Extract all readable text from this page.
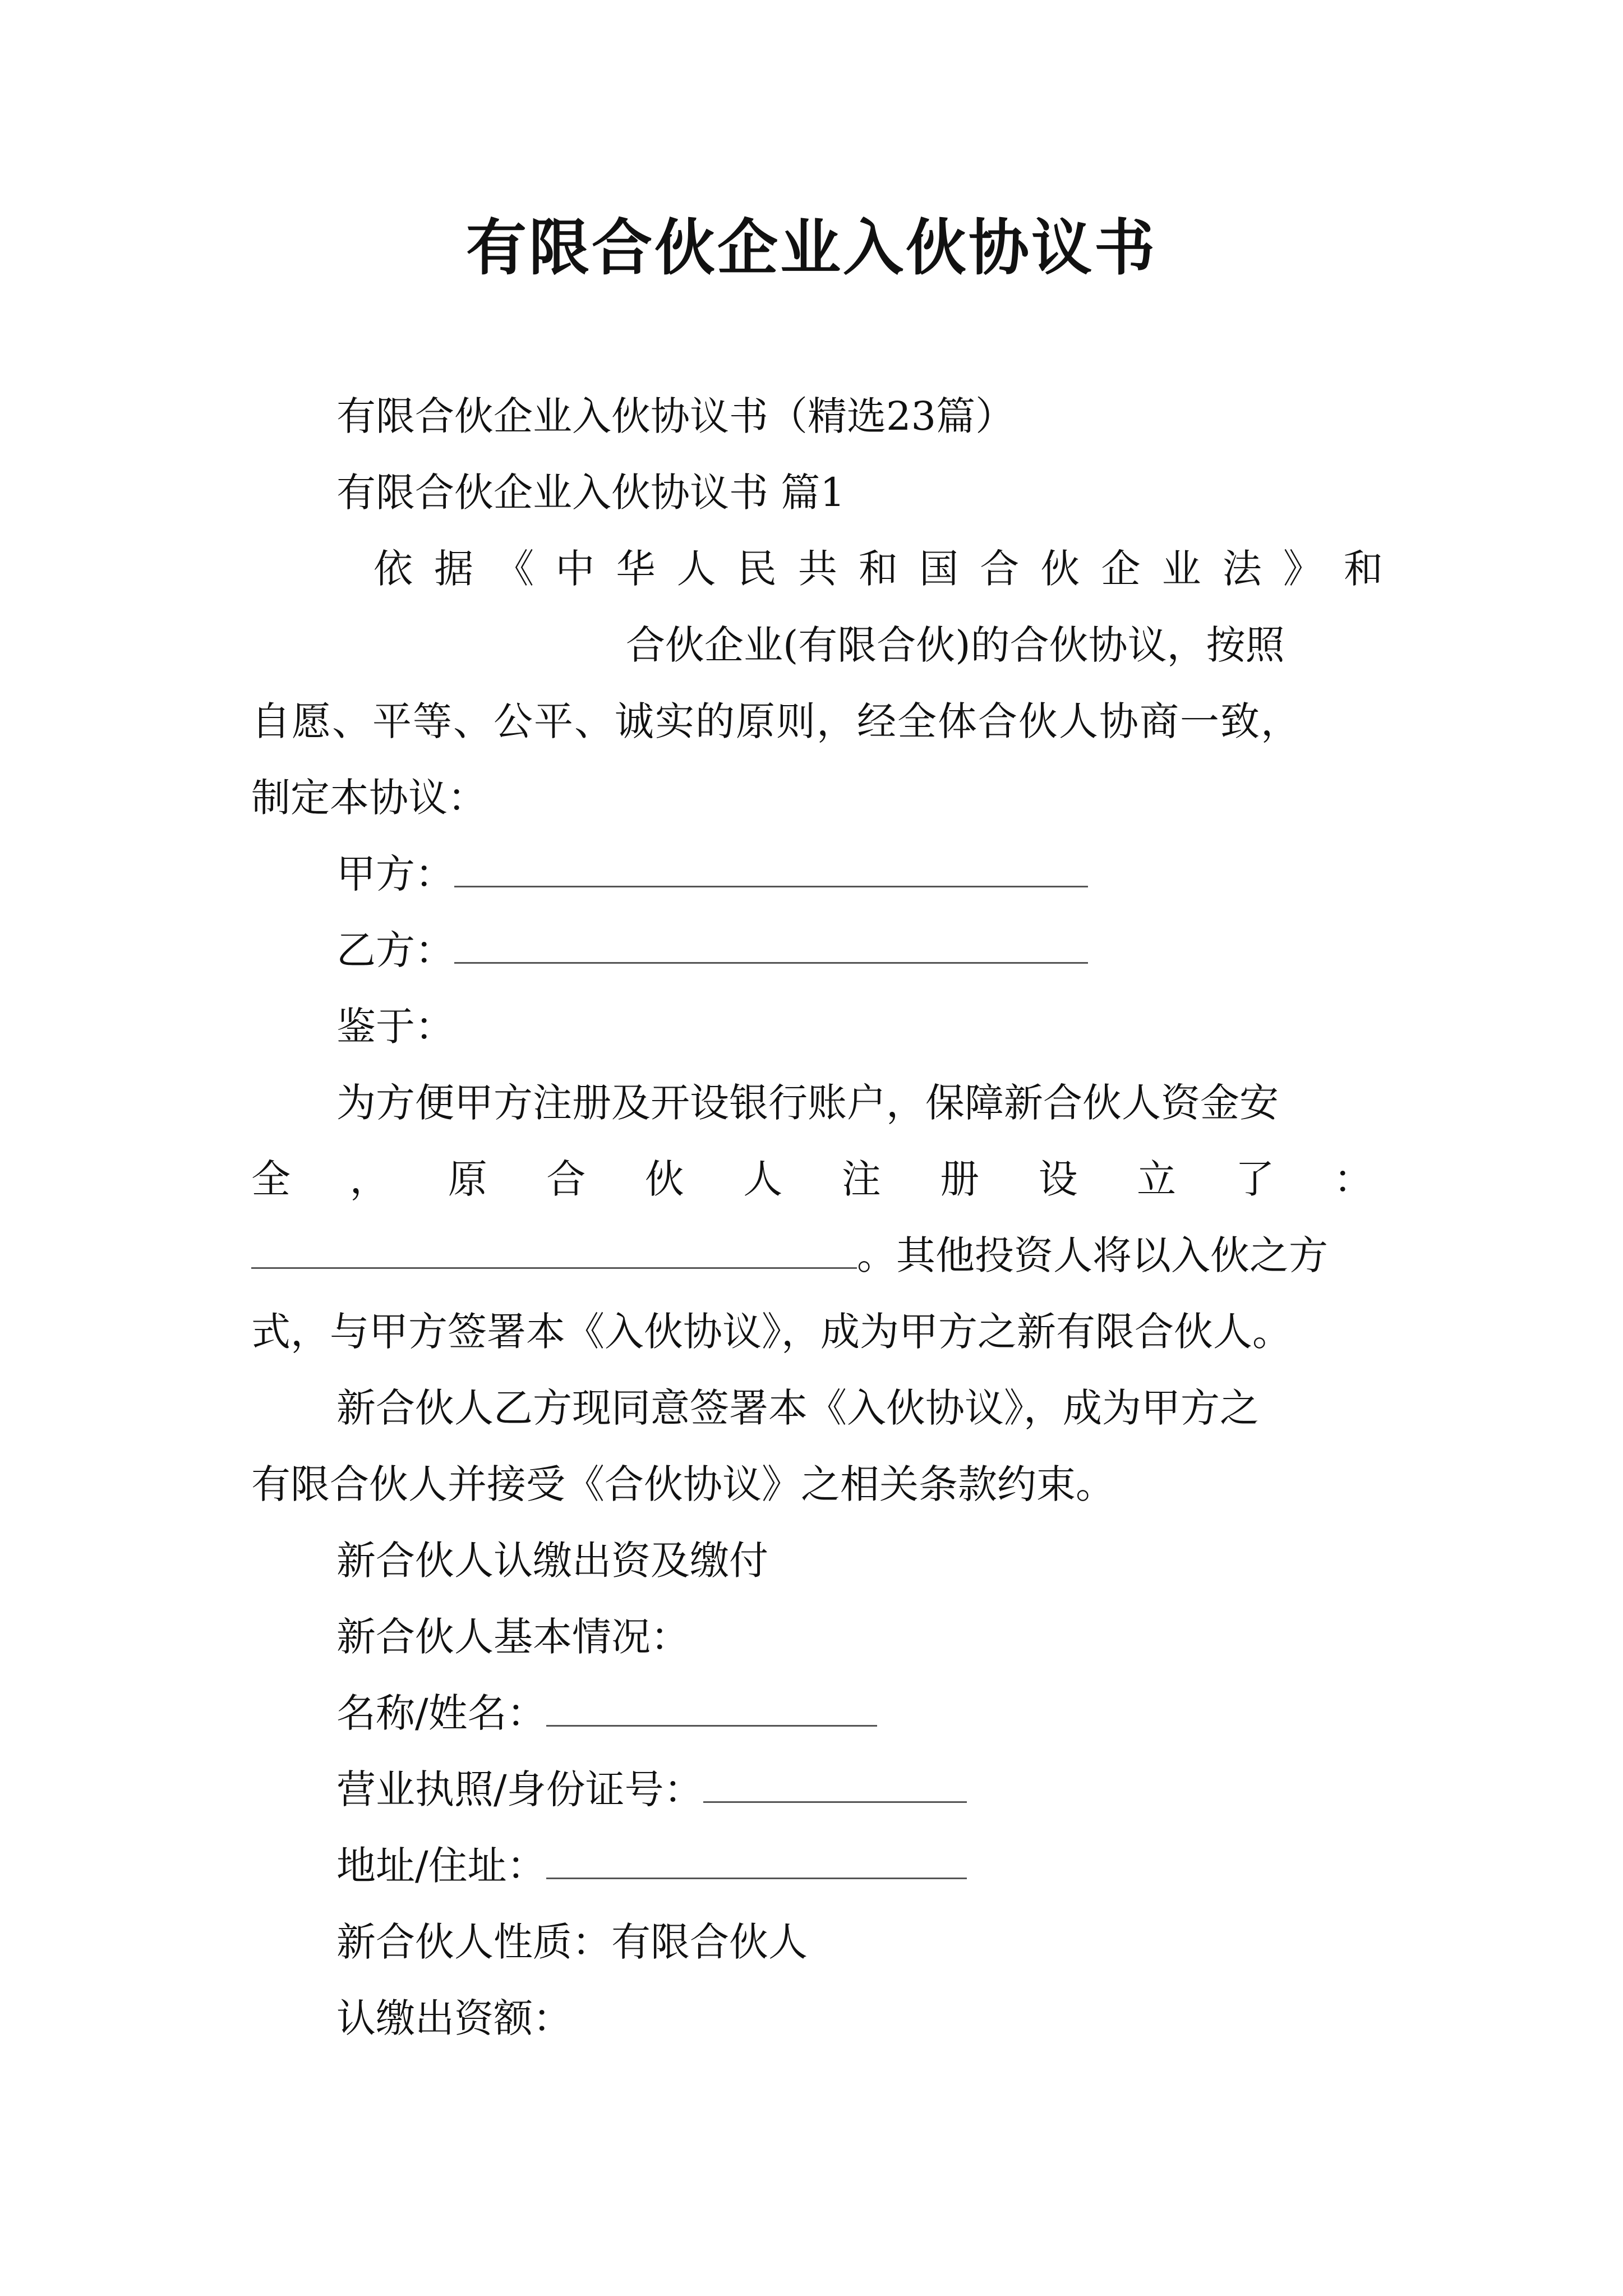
有限合伙企业入伙协议书
有限合伙企业入伙协议书（精选23篇）
有限合伙企业入伙协议书 篇1
依 据 《 中 华 人 民 共 和 国 合 伙 企 业 法 》 和
合伙企业(有限合伙)的合伙协议，按照
自愿、平等、公平、诚实的原则，经全体合伙人协商一致，
制定本协议：
甲方：
乙方：
鉴于：
为方便甲方注册及开设银行账户，保障新合伙人资金安
全 ， 原 合 伙 人 注 册 设 立 了 ：
。其他投资人将以入伙之方
式，与甲方签署本《入伙协议》，成为甲方之新有限合伙人。
新合伙人乙方现同意签署本《入伙协议》，成为甲方之
有限合伙人并接受《合伙协议》之相关条款约束。
新合伙人认缴出资及缴付
新合伙人基本情况：
名称/姓名：
营业执照/身份证号：
地址/住址：
新合伙人性质：有限合伙人
认缴出资额：
